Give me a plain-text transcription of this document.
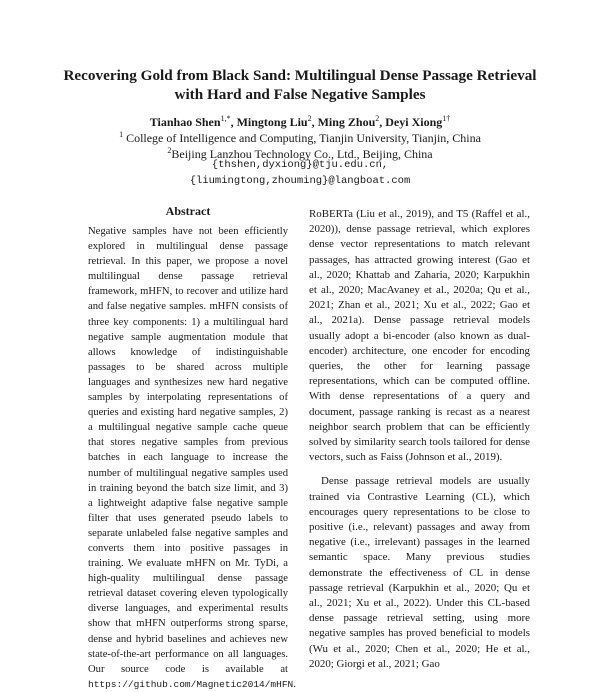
Recovering Gold from Black Sand: Multilingual Dense Passage Retrieval
with Hard and False Negative Samples
Tianhao Shen$^{1,*}$, Mingtong Liu$^2$, Ming Zhou$^2$, Deyi Xiong$^{1\dagger}$
$^1$ College of Intelligence and Computing, Tianjin University, Tianjin, China
$^2$Beijing Lanzhou Technology Co., Ltd., Beijing, China
{thshen,dyxiong}@tju.edu.cn,
{liumingtong,zhouming}@langboat.com
Abstract
Negative samples have not been efficiently explored in multilingual dense passage retrieval. In this paper, we propose a novel multilingual dense passage retrieval framework, mHFN, to recover and utilize hard and false negative samples. mHFN consists of three key components: 1) a multilingual hard negative sample augmentation module that allows knowledge of indistinguishable passages to be shared across multiple languages and synthesizes new hard negative samples by interpolating representations of queries and existing hard negative samples, 2) a multilingual negative sample cache queue that stores negative samples from previous batches in each language to increase the number of multilingual negative samples used in training beyond the batch size limit, and 3) a lightweight adaptive false negative sample filter that uses generated pseudo labels to separate unlabeled false negative samples and converts them into positive passages in training. We evaluate mHFN on Mr. TyDi, a high-quality multilingual dense passage retrieval dataset covering eleven typologically diverse languages, and experimental results show that mHFN outperforms strong sparse, dense and hybrid baselines and achieves new state-of-the-art performance on all languages. Our source code is available at https://github.com/Magnetic2014/mHFN.

RoBERTa (Liu et al., 2019), and T5 (Raffel et al., 2020)), dense passage retrieval, which explores dense vector representations to match relevant passages, has attracted growing interest (Gao et al., 2020; Khattab and Zaharia, 2020; Karpukhin et al., 2020; MacAvaney et al., 2020a; Qu et al., 2021; Zhan et al., 2021; Xu et al., 2022; Gao et al., 2021a). Dense passage retrieval models usually adopt a bi-encoder (also known as dual-encoder) architecture, one encoder for encoding queries, the other for learning passage representations, which can be computed offline. With dense representations of a query and document, passage ranking is recast as a nearest neighbor search problem that can be efficiently solved by similarity search tools tailored for dense vectors, such as Faiss (Johnson et al., 2019).

Dense passage retrieval models are usually trained via Contrastive Learning (CL), which encourages query representations to be close to positive (i.e., relevant) passages and away from negative (i.e., irrelevant) passages in the learned semantic space. Many previous studies demonstrate the effectiveness of CL in dense passage retrieval (Karpukhin et al., 2020; Qu et al., 2021; Xu et al., 2022). Under this CL-based dense passage retrieval setting, using more negative samples has proved beneficial to models (Wu et al., 2020; Chen et al., 2020; He et al., 2020; Giorgi et al., 2021; Gao
